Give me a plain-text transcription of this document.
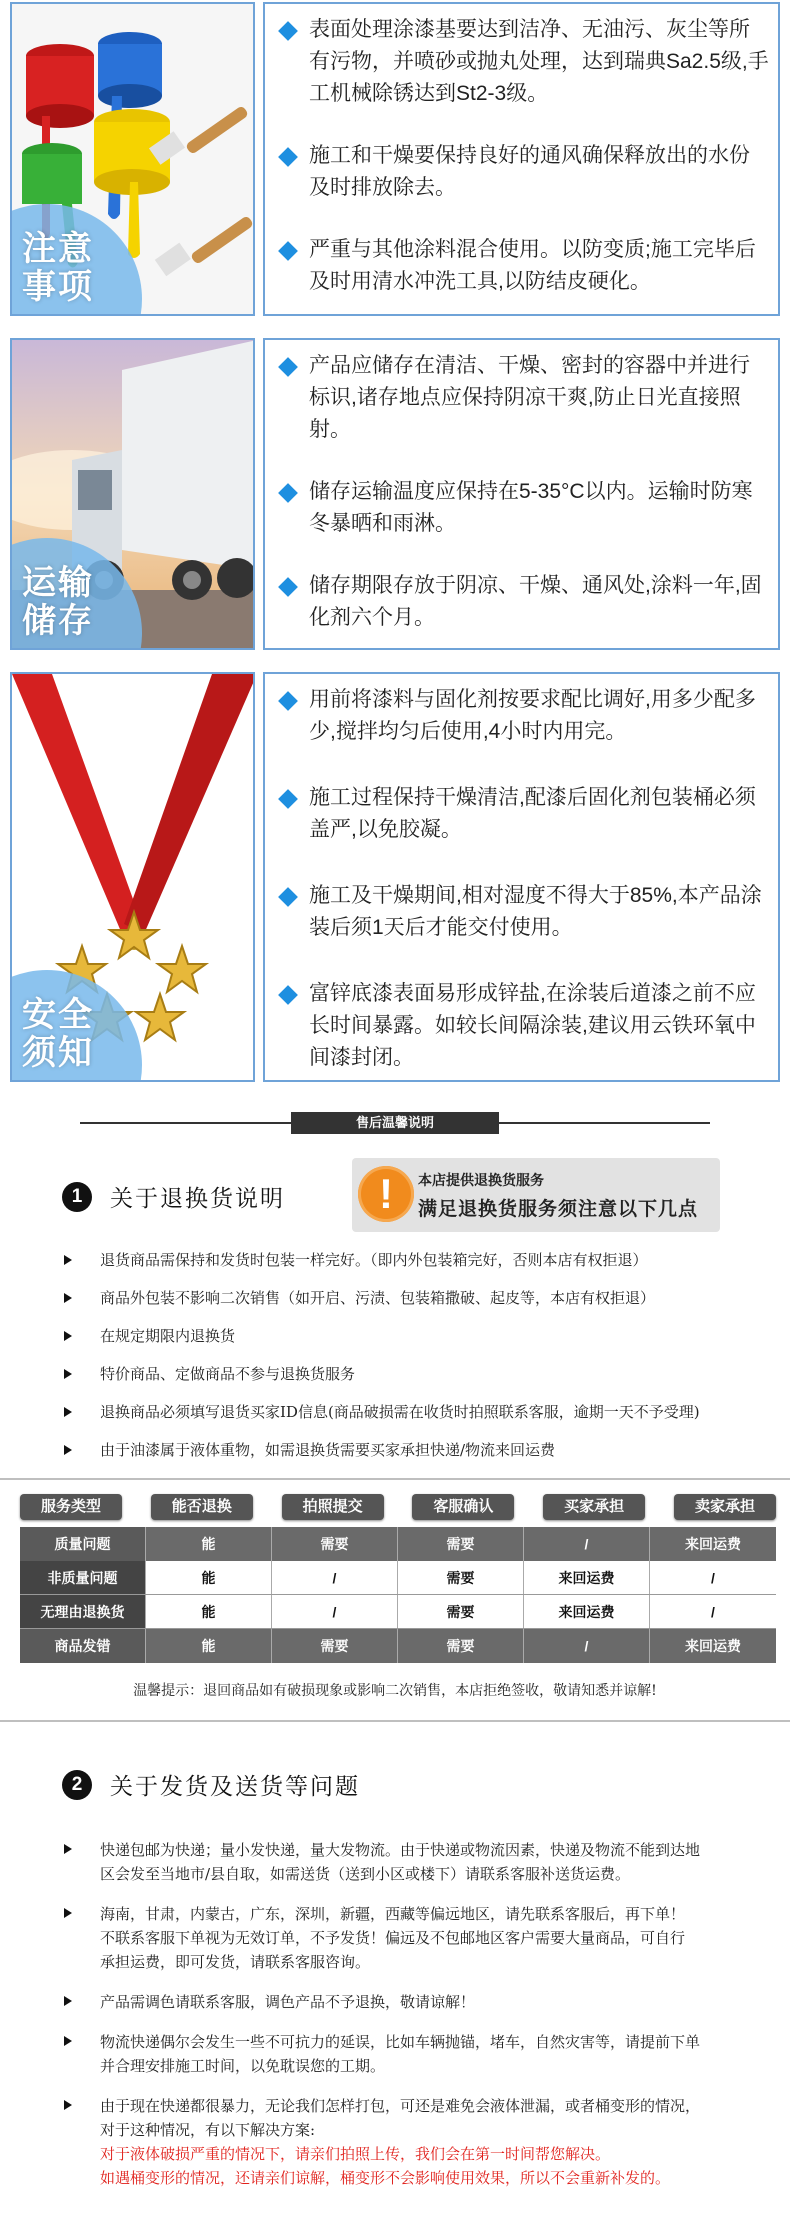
注意
事项
表面处理涂漆基要达到洁净、无油污、灰尘等所有污物，并喷砂或抛丸处理，达到瑞典Sa2.5级,手工机械除锈达到St2-3级。
施工和干燥要保持良好的通风确保释放出的水份及时排放除去。
严重与其他涂料混合使用。以防变质;施工完毕后及时用清水冲洗工具,以防结皮硬化。
运输
储存
产品应储存在清洁、干燥、密封的容器中并进行标识,诸存地点应保持阴凉干爽,防止日光直接照射。
储存运输温度应保持在5-35°C以内。运输时防寒冬暴晒和雨淋。
储存期限存放于阴凉、干燥、通风处,涂料一年,固化剂六个月。
安全
须知
用前将漆料与固化剂按要求配比调好,用多少配多少,搅拌均匀后使用,4小时内用完。
施工过程保持干燥清洁,配漆后固化剂包装桶必须盖严,以免胶凝。
施工及干燥期间,相对湿度不得大于85%,本产品涂装后须1天后才能交付使用。
富锌底漆表面易形成锌盐,在涂装后道漆之前不应长时间暴露。如较长间隔涂装,建议用云铁环氧中间漆封闭。
售后温馨说明
1	关于退换货说明	!	本店提供退换货服务
满足退换货服务须注意以下几点
退货商品需保持和发货时包装一样完好。（即内外包装箱完好，否则本店有权拒退）
商品外包装不影响二次销售（如开启、污渍、包装箱撒破、起皮等，本店有权拒退）
在规定期限内退换货
特价商品、定做商品不参与退换货服务
退换商品必须填写退货买家ID信息(商品破损需在收货时拍照联系客服，逾期一天不予受理)
由于油漆属于液体重物，如需退换货需要买家承担快递/物流来回运费
服务类型	能否退换	拍照提交	客服确认	买家承担	卖家承担
质量问题	能	需要	需要	/	来回运费
非质量问题	能	/	需要	来回运费	/
无理由退换货	能	/	需要	来回运费	/
商品发错	能	需要	需要	/	来回运费
温馨提示：退回商品如有破损现象或影响二次销售，本店拒绝签收，敬请知悉并谅解!
2	关于发货及送货等问题
快递包邮为快递；量小发快递，量大发物流。由于快递或物流因素，快递及物流不能到达地
区会发至当地市/县自取，如需送货（送到小区或楼下）请联系客服补送货运费。
海南，甘肃，内蒙古，广东，深圳，新疆，西藏等偏远地区，请先联系客服后，再下单！
不联系客服下单视为无效订单，不予发货！偏远及不包邮地区客户需要大量商品，可自行
承担运费，即可发货，请联系客服咨询。
产品需调色请联系客服，调色产品不予退换，敬请谅解！
物流快递偶尔会发生一些不可抗力的延误，比如车辆抛锚，堵车，自然灾害等，请提前下单
并合理安排施工时间，以免耽误您的工期。
由于现在快递都很暴力，无论我们怎样打包，可还是难免会液体泄漏，或者桶变形的情况，
对于这种情况，有以下解决方案:
对于液体破损严重的情况下，请亲们拍照上传，我们会在第一时间帮您解决。
如遇桶变形的情况，还请亲们谅解，桶变形不会影响使用效果，所以不会重新补发的。
